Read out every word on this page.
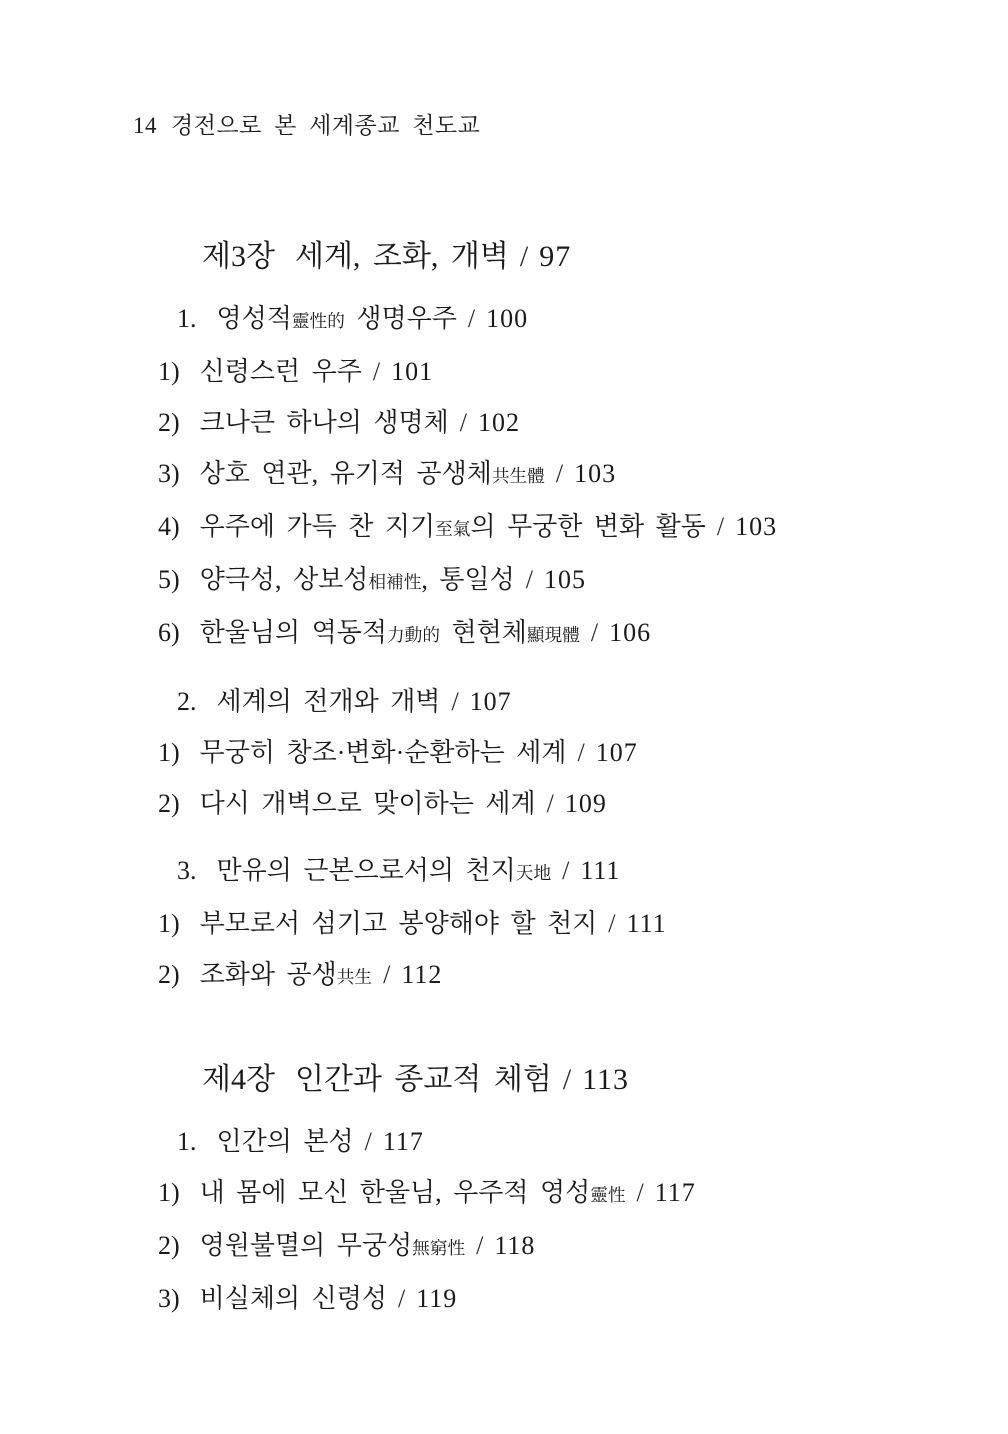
14 경전으로 본 세계종교 천도교
제3장 세계, 조화, 개벽 / 97
1. 영성적靈性的 생명우주 / 100
1) 신령스런 우주 / 101
2) 크나큰 하나의 생명체 / 102
3) 상호 연관, 유기적 공생체共生體 / 103
4) 우주에 가득 찬 지기至氣의 무궁한 변화 활동 / 103
5) 양극성, 상보성相補性, 통일성 / 105
6) 한울님의 역동적力動的 현현체顯現體 / 106
2. 세계의 전개와 개벽 / 107
1) 무궁히 창조·변화·순환하는 세계 / 107
2) 다시 개벽으로 맞이하는 세계 / 109
3. 만유의 근본으로서의 천지天地 / 111
1) 부모로서 섬기고 봉양해야 할 천지 / 111
2) 조화와 공생共生 / 112
제4장 인간과 종교적 체험 / 113
1. 인간의 본성 / 117
1) 내 몸에 모신 한울님, 우주적 영성靈性 / 117
2) 영원불멸의 무궁성無窮性 / 118
3) 비실체의 신령성 / 119
